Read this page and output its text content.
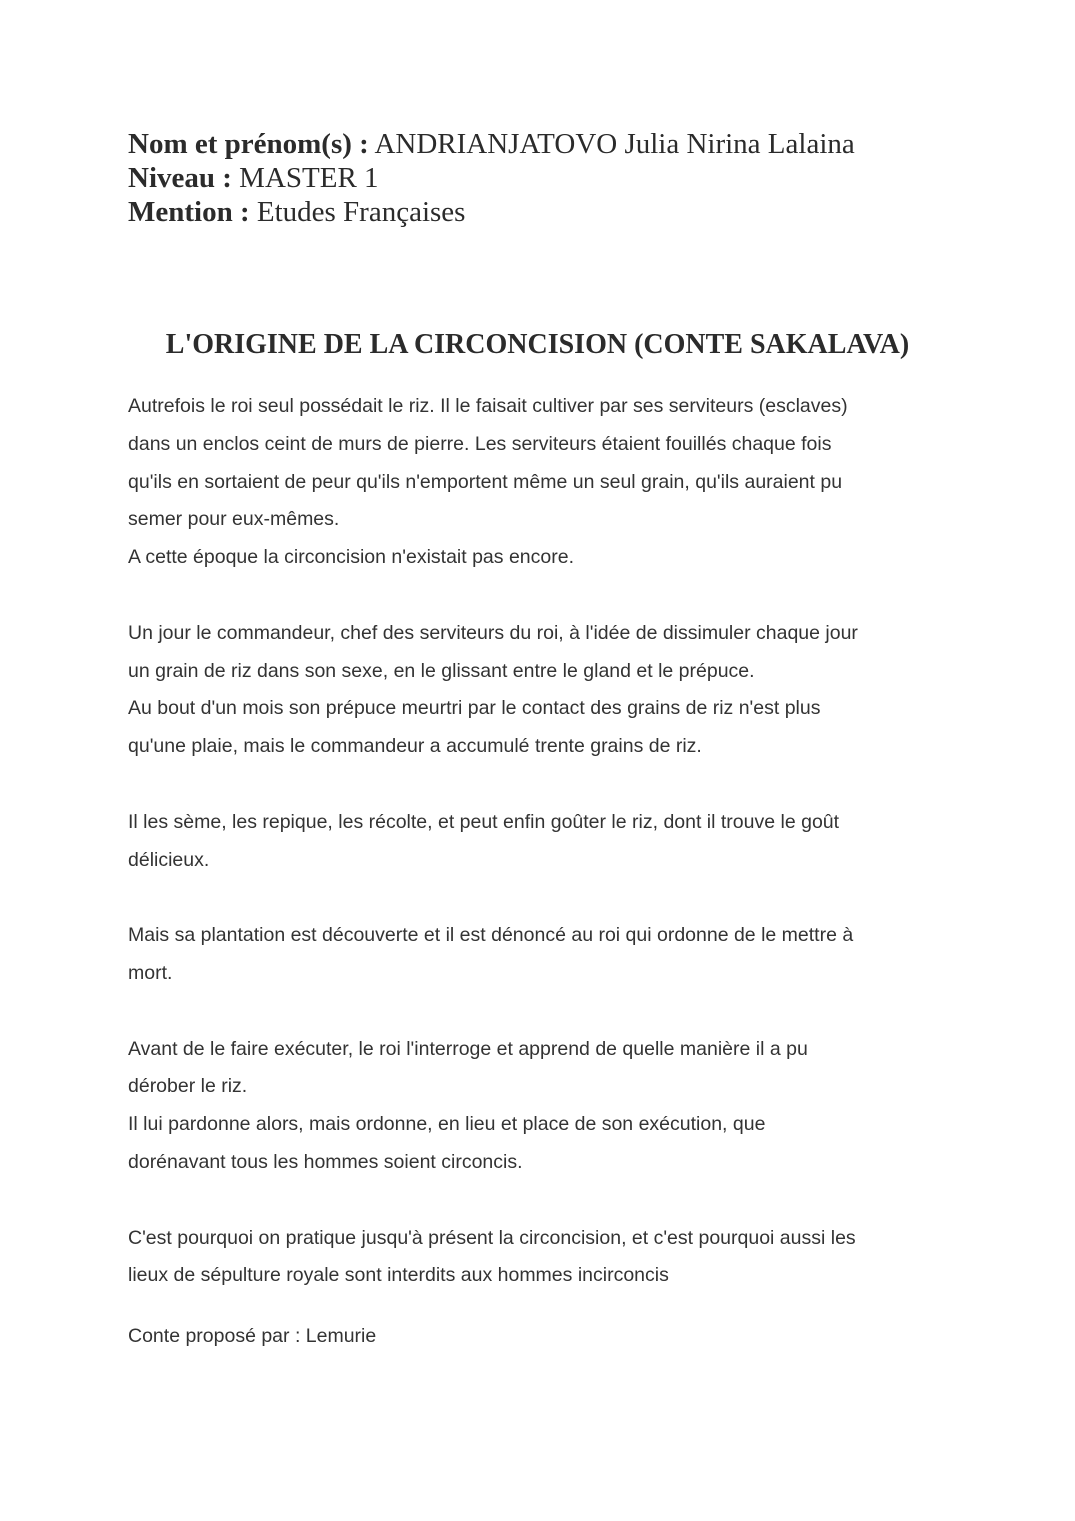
Nom et prénom(s) : ANDRIANJATOVO Julia Nirina Lalaina
Niveau : MASTER 1
Mention : Etudes Françaises
L'ORIGINE DE LA CIRCONCISION (CONTE SAKALAVA)
Autrefois le roi seul possédait le riz. Il le faisait cultiver par ses serviteurs (esclaves)
dans un enclos ceint de murs de pierre. Les serviteurs étaient fouillés chaque fois
qu'ils en sortaient de peur qu'ils n'emportent même un seul grain, qu'ils auraient pu
semer pour eux-mêmes.
A cette époque la circoncision n'existait pas encore.
Un jour le commandeur, chef des serviteurs du roi, à l'idée de dissimuler chaque jour
un grain de riz dans son sexe, en le glissant entre le gland et le prépuce.
Au bout d'un mois son prépuce meurtri par le contact des grains de riz n'est plus
qu'une plaie, mais le commandeur a accumulé trente grains de riz.
Il les sème, les repique, les récolte, et peut enfin goûter le riz, dont il trouve le goût
délicieux.
Mais sa plantation est découverte et il est dénoncé au roi qui ordonne de le mettre à
mort.
Avant de le faire exécuter, le roi l'interroge et apprend de quelle manière il a pu
dérober le riz.
Il lui pardonne alors, mais ordonne, en lieu et place de son exécution, que
dorénavant tous les hommes soient circoncis.
C'est pourquoi on pratique jusqu'à présent la circoncision, et c'est pourquoi aussi les
lieux de sépulture royale sont interdits aux hommes incirconcis
Conte proposé par : Lemurie
